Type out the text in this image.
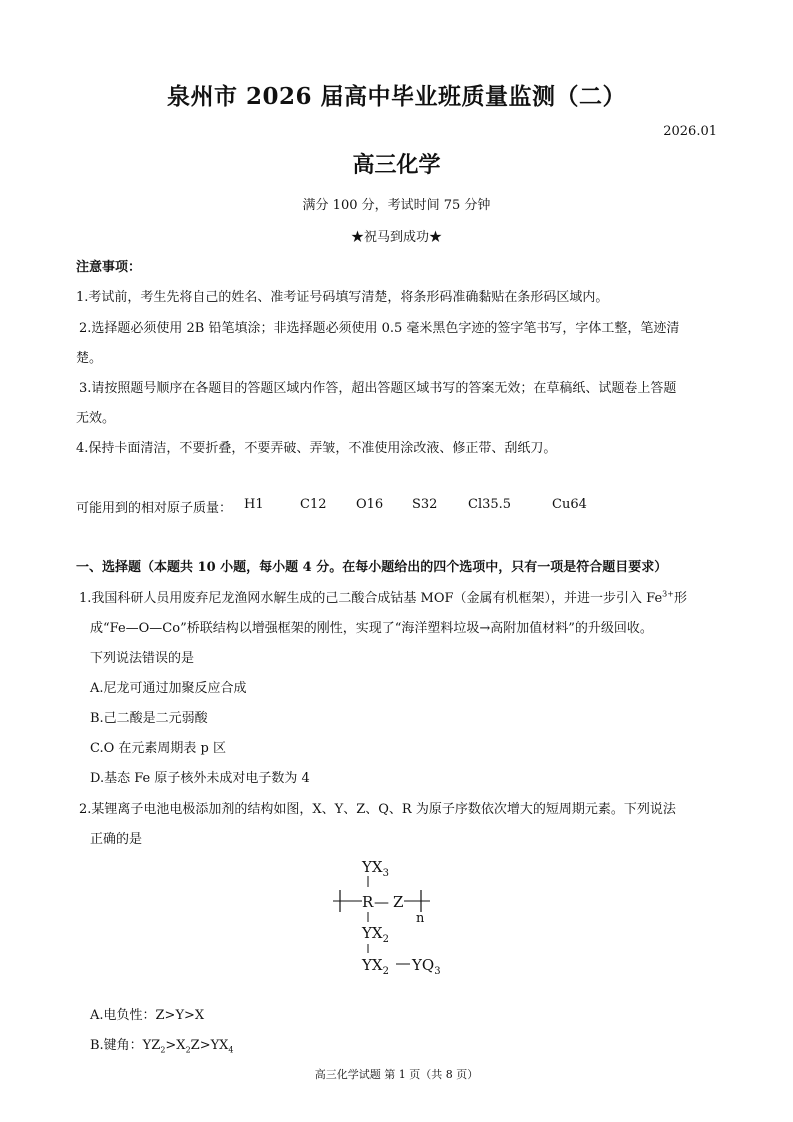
泉州市 2026 届高中毕业班质量监测（二）
2026.01
高三化学
满分 100 分，考试时间 75 分钟
★祝马到成功★
注意事项：
1.考试前，考生先将自己的姓名、准考证号码填写清楚，将条形码准确黏贴在条形码区域内。
2.选择题必须使用 2B 铅笔填涂；非选择题必须使用 0.5 毫米黑色字迹的签字笔书写，字体工整，笔迹清
楚。
3.请按照题号顺序在各题目的答题区域内作答，超出答题区域书写的答案无效；在草稿纸、试题卷上答题
无效。
4.保持卡面清洁，不要折叠，不要弄破、弄皱，不准使用涂改液、修正带、刮纸刀。
可能用到的相对原子质量： H1	C12 O16 S32 Cl35.5	Cu64
一、选择题（本题共 10 小题，每小题 4 分。在每小题给出的四个选项中，只有一项是符合题目要求）
1.我国科研人员用废弃尼龙渔网水解生成的己二酸合成钴基 MOF（金属有机框架），并进一步引入 $Fe^{3+}$形
成“Fe—O—Co”桥联结构以增强框架的刚性，实现了“海洋塑料垃圾→高附加值材料”的升级回收。
下列说法错误的是
A.尼龙可通过加聚反应合成
B.己二酸是二元弱酸
C.O 在元素周期表 p 区
D.基态 Fe 原子核外未成对电子数为 4
2.某锂离子电池电极添加剂的结构如图，X、Y、Z、Q、R 为原子序数依次增大的短周期元素。下列说法
正确的是
$YX_3$
R — Z
n
$YX_2$
$YX_2$ $YQ_3$
A.电负性：Z>Y>X
B.键角：$YZ_2>X_2Z>YX_4$
高三化学试题 第 1 页（共 8 页）
